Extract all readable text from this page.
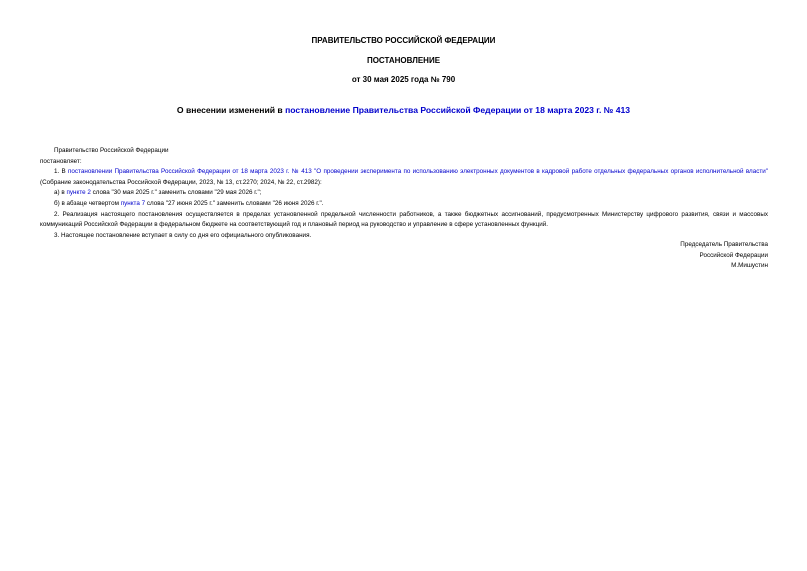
ПРАВИТЕЛЬСТВО РОССИЙСКОЙ ФЕДЕРАЦИИ
ПОСТАНОВЛЕНИЕ
от 30 мая 2025 года № 790
О внесении изменений в постановление Правительства Российской Федерации от 18 марта 2023 г. № 413

Правительство Российской Федерации

постановляет:

1. В постановлении Правительства Российской Федерации от 18 марта 2023 г. № 413 "О проведении эксперимента по использованию электронных документов в кадровой работе отдельных федеральных органов исполнительной власти" (Собрание законодательства Российской Федерации, 2023, № 13, ст.2270; 2024, № 22, ст.2982):

а) в пункте 2 слова "30 мая 2025 г." заменить словами "29 мая 2026 г.";

б) в абзаце четвертом пункта 7 слова "27 июня 2025 г." заменить словами "26 июня 2026 г.".

2. Реализация настоящего постановления осуществляется в пределах установленной предельной численности работников, а также бюджетных ассигнований, предусмотренных Министерству цифрового развития, связи и массовых коммуникаций Российской Федерации в федеральном бюджете на соответствующий год и плановый период на руководство и управление в сфере установленных функций.

3. Настоящее постановление вступает в силу со дня его официального опубликования.

Председатель Правительства
Российской Федерации
М.Мишустин
